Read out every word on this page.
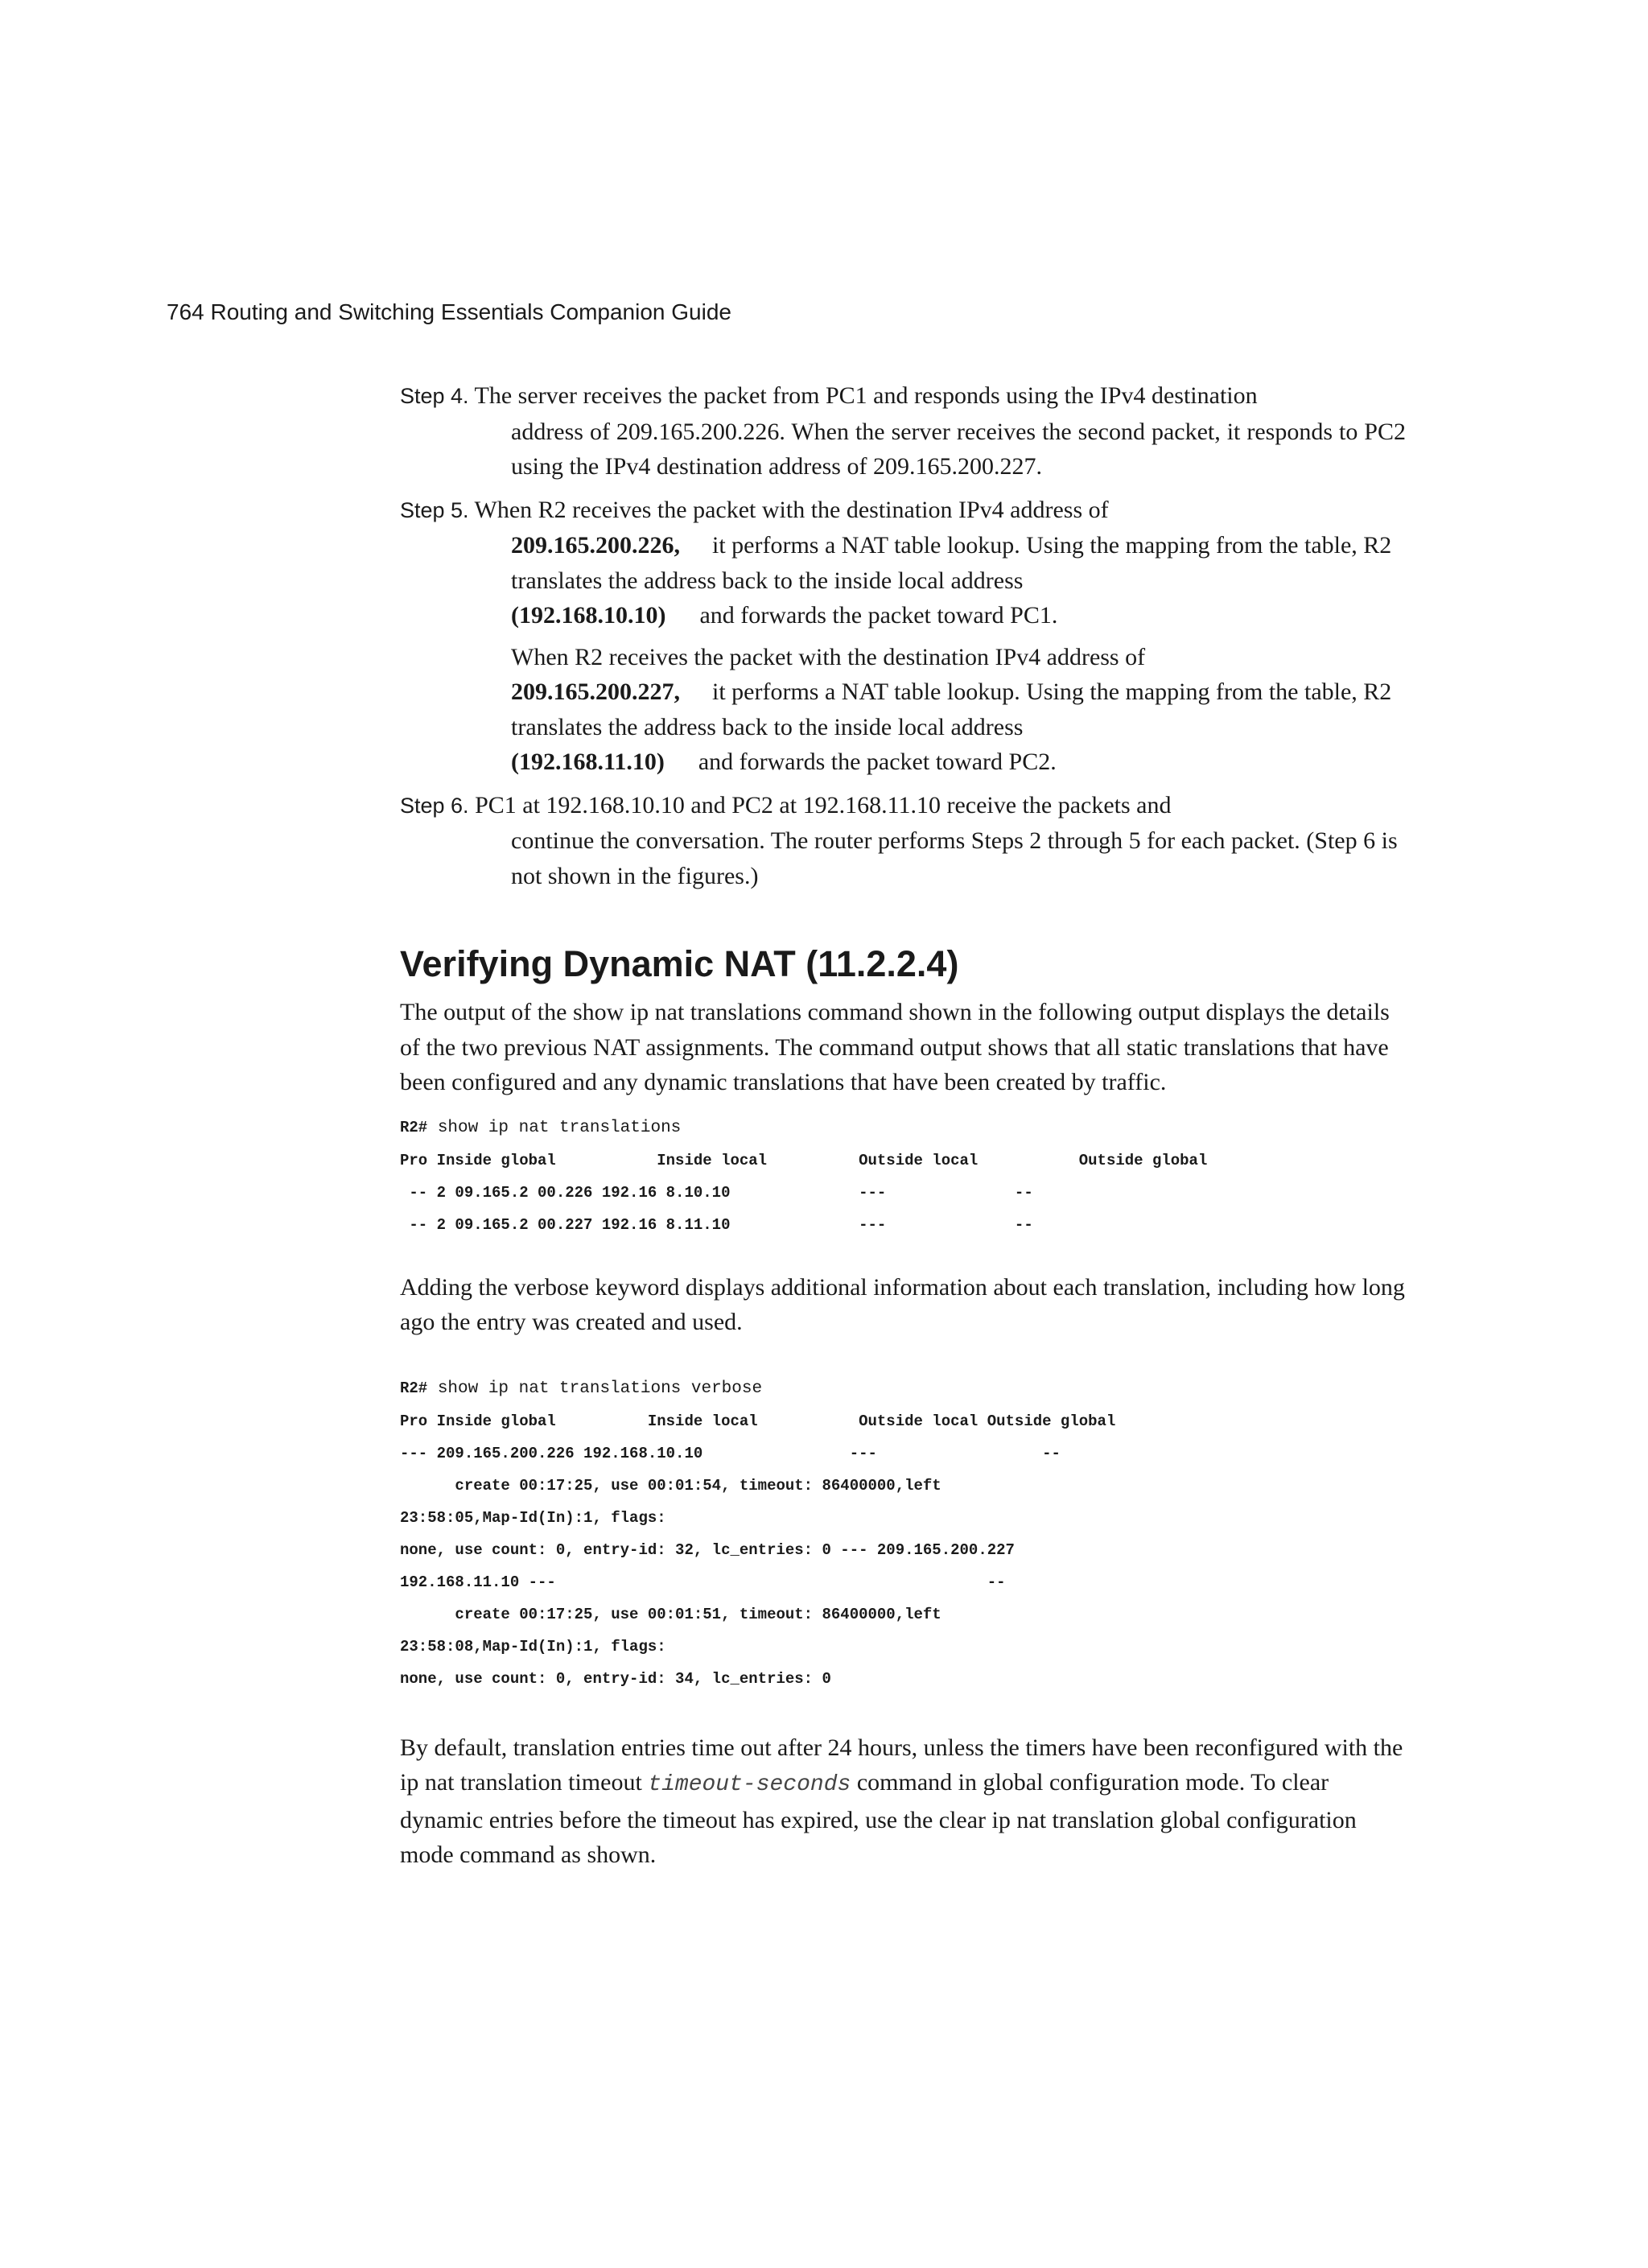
764 Routing and Switching Essentials Companion Guide
Step 4. The server receives the packet from PC1 and responds using the IPv4 destination
address of 209.165.200.226. When the server receives the second packet, it responds to PC2 using the IPv4 destination address of 209.165.200.227.
Step 5. When R2 receives the packet with the destination IPv4 address of
209.165.200.226, it performs a NAT table lookup. Using the mapping from the table, R2 translates the address back to the inside local address
(192.168.10.10) and forwards the packet toward PC1.
When R2 receives the packet with the destination IPv4 address of
209.165.200.227, it performs a NAT table lookup. Using the mapping from the table, R2 translates the address back to the inside local address
(192.168.11.10) and forwards the packet toward PC2.
Step 6. PC1 at 192.168.10.10 and PC2 at 192.168.11.10 receive the packets and
continue the conversation. The router performs Steps 2 through 5 for each packet. (Step 6 is not shown in the figures.)
Verifying Dynamic NAT (11.2.2.4)

The output of the show ip nat translations command shown in the following output displays the details of the two previous NAT assignments. The command output shows that all static translations that have been configured and any dynamic translations that have been created by traffic.

R2# show ip nat translations
Pro Inside global           Inside local          Outside local           Outside global
-- 2 09.165.2 00.226 192.16 8.10.10              ---              --
-- 2 09.165.2 00.227 192.16 8.11.10              ---              --

Adding the verbose keyword displays additional information about each translation, including how long ago the entry was created and used.

R2# show ip nat translations verbose
Pro Inside global          Inside local           Outside local Outside global
--- 209.165.200.226 192.168.10.10                ---                  --
create 00:17:25, use 00:01:54, timeout: 86400000,left
23:58:05,Map-Id(In):1, flags:
none, use count: 0, entry-id: 32, lc_entries: 0 --- 209.165.200.227
192.168.11.10 ---                                               --
create 00:17:25, use 00:01:51, timeout: 86400000,left
23:58:08,Map-Id(In):1, flags:
none, use count: 0, entry-id: 34, lc_entries: 0

By default, translation entries time out after 24 hours, unless the timers have been reconfigured with the ip nat translation timeout timeout-seconds command in global configuration mode. To clear dynamic entries before the timeout has expired, use the clear ip nat translation global configuration mode command as shown.
